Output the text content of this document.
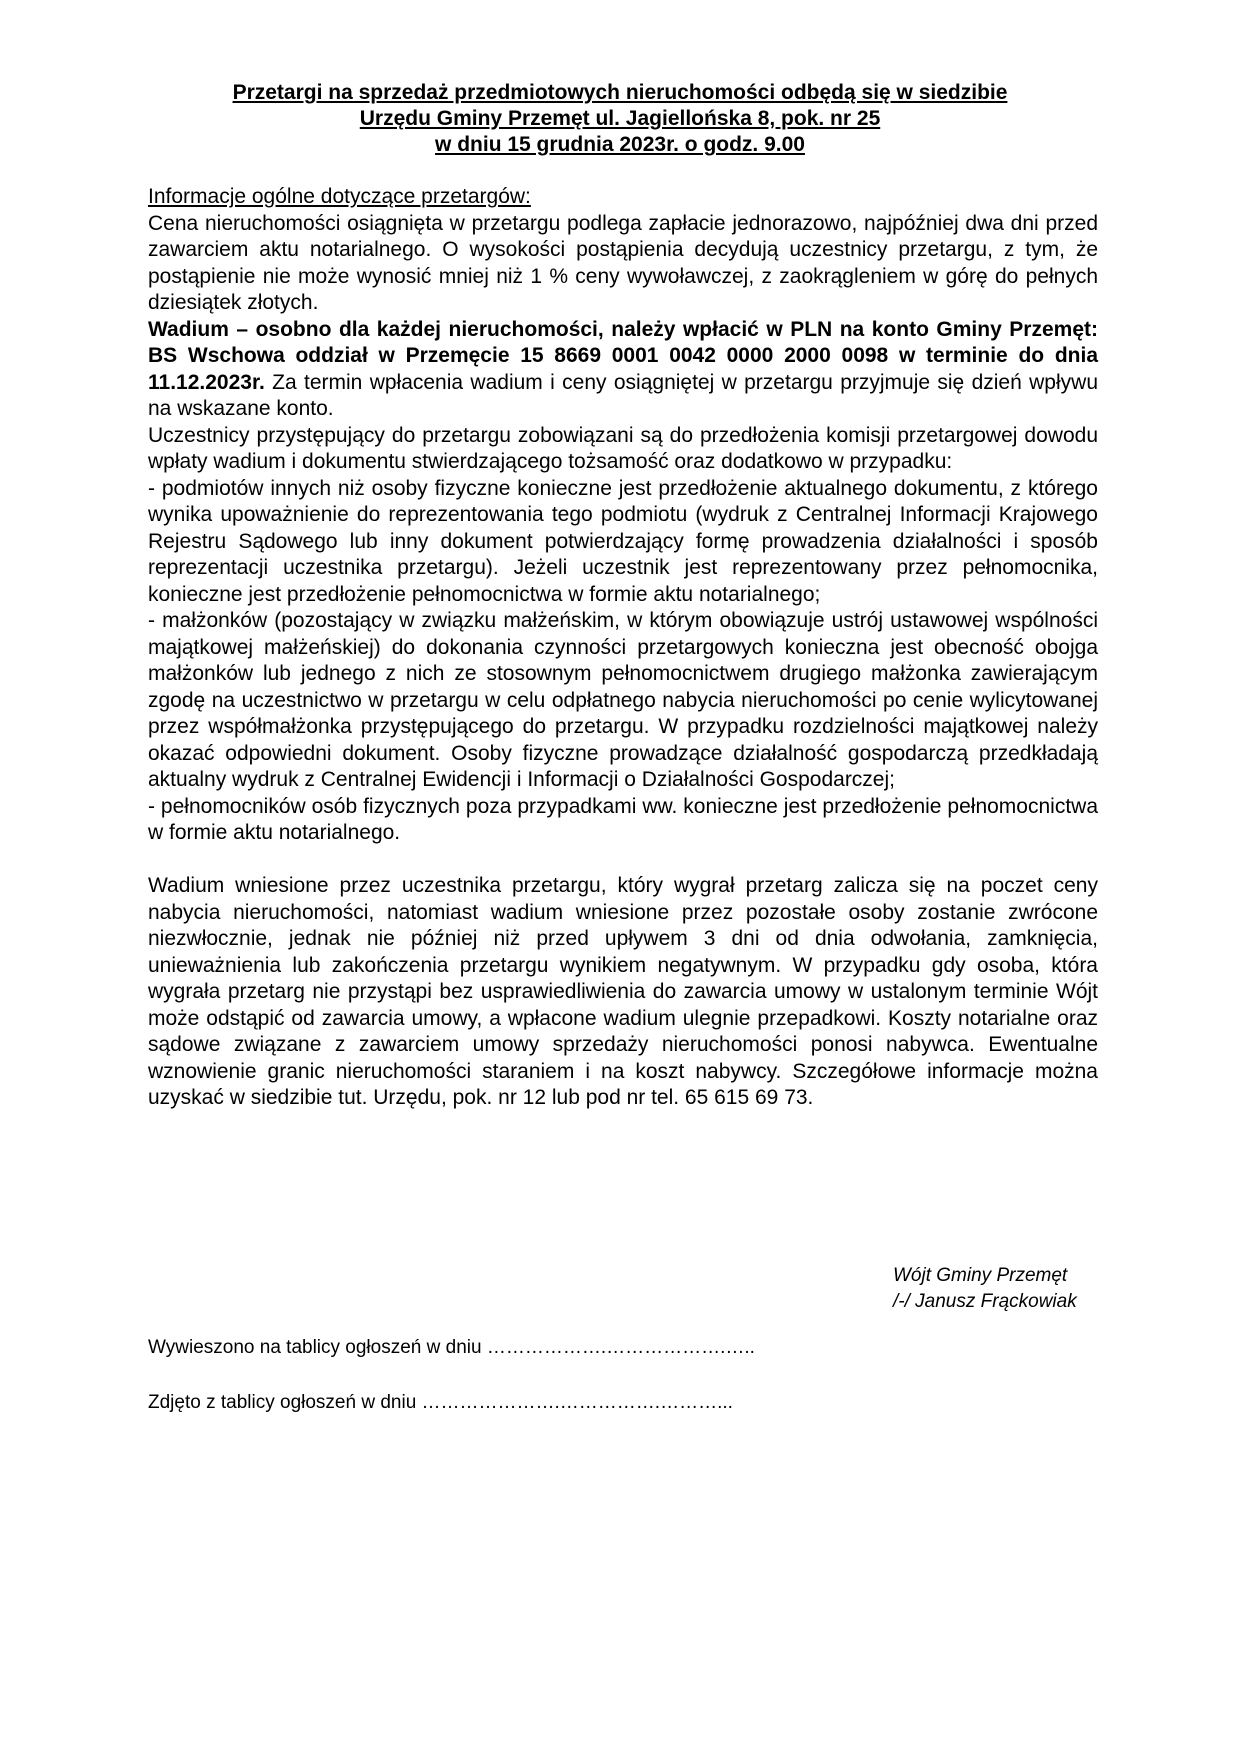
Przetargi na sprzedaż przedmiotowych nieruchomości odbędą się w siedzibie
Urzędu Gminy Przemęt ul. Jagiellońska 8, pok. nr 25
w dniu 15 grudnia 2023r. o godz. 9.00

Informacje ogólne dotyczące przetargów:

Cena nieruchomości osiągnięta w przetargu podlega zapłacie jednorazowo, najpóźniej dwa dni przed zawarciem aktu notarialnego. O wysokości postąpienia decydują uczestnicy przetargu, z tym, że postąpienie nie może wynosić mniej niż 1 % ceny wywoławczej, z zaokrągleniem w górę do pełnych dziesiątek złotych.

Wadium – osobno dla każdej nieruchomości, należy wpłacić w PLN na konto Gminy Przemęt: BS Wschowa oddział w Przemęcie 15 8669 0001 0042 0000 2000 0098 w terminie do dnia 11.12.2023r. Za termin wpłacenia wadium i ceny osiągniętej w przetargu przyjmuje się dzień wpływu na wskazane konto.

Uczestnicy przystępujący do przetargu zobowiązani są do przedłożenia komisji przetargowej dowodu wpłaty wadium i dokumentu stwierdzającego tożsamość oraz dodatkowo w przypadku:

- podmiotów innych niż osoby fizyczne konieczne jest przedłożenie aktualnego dokumentu, z którego wynika upoważnienie do reprezentowania tego podmiotu (wydruk z Centralnej Informacji Krajowego Rejestru Sądowego lub inny dokument potwierdzający formę prowadzenia działalności i sposób reprezentacji uczestnika przetargu). Jeżeli uczestnik jest reprezentowany przez pełnomocnika, konieczne jest przedłożenie pełnomocnictwa w formie aktu notarialnego;

- małżonków (pozostający w związku małżeńskim, w którym obowiązuje ustrój ustawowej wspólności majątkowej małżeńskiej) do dokonania czynności przetargowych konieczna jest obecność obojga małżonków lub jednego z nich ze stosownym pełnomocnictwem drugiego małżonka zawierającym zgodę na uczestnictwo w przetargu w celu odpłatnego nabycia nieruchomości po cenie wylicytowanej przez współmałżonka przystępującego do przetargu. W przypadku rozdzielności majątkowej należy okazać odpowiedni dokument. Osoby fizyczne prowadzące działalność gospodarczą przedkładają aktualny wydruk z Centralnej Ewidencji i Informacji o Działalności Gospodarczej;

- pełnomocników osób fizycznych poza przypadkami ww. konieczne jest przedłożenie pełnomocnictwa w formie aktu notarialnego.

Wadium wniesione przez uczestnika przetargu, który wygrał przetarg zalicza się na poczet ceny nabycia nieruchomości, natomiast wadium wniesione przez pozostałe osoby zostanie zwrócone niezwłocznie, jednak nie później niż przed upływem 3 dni od dnia odwołania, zamknięcia, unieważnienia lub zakończenia przetargu wynikiem negatywnym. W przypadku gdy osoba, która wygrała przetarg nie przystąpi bez usprawiedliwienia do zawarcia umowy w ustalonym terminie Wójt może odstąpić od zawarcia umowy, a wpłacone wadium ulegnie przepadkowi. Koszty notarialne oraz sądowe związane z zawarciem umowy sprzedaży nieruchomości ponosi nabywca. Ewentualne wznowienie granic nieruchomości staraniem i na koszt nabywcy. Szczegółowe informacje można uzyskać w siedzibie tut. Urzędu, pok. nr 12 lub pod nr tel. 65 615 69 73.

Wójt Gminy Przemęt
/-/ Janusz Frąckowiak
Wywieszono na tablicy ogłoszeń w dniu ……………….……………….…..
Zdjęto z tablicy ogłoszeń w dniu ………………….…………….………...
